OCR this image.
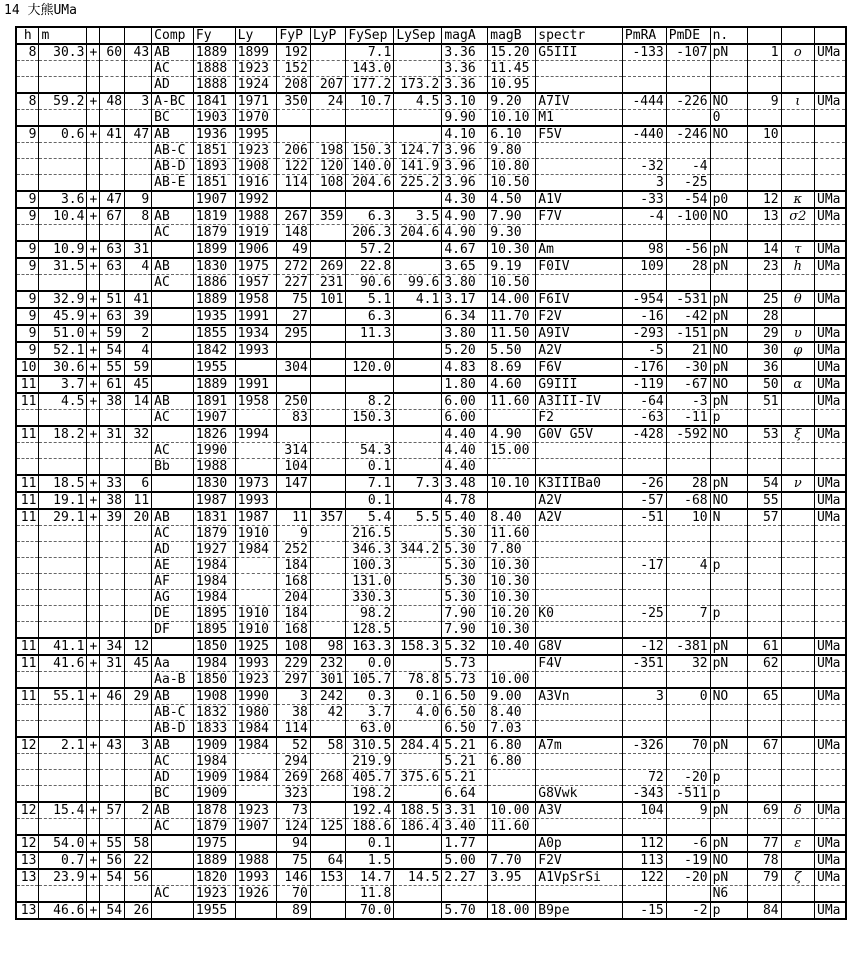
14 大熊UMa
h	m				Comp	Fy	Ly	FyP	LyP	FySep	LySep	magA	magB	spectr	PmRA	PmDE	n.			
8	30.3	+	60	43	AB	1889	1899	192		7.1		3.36	15.20	G5III	-133	-107	pN	1	ο	UMa
					AC	1888	1923	152		143.0		3.36	11.45							
					AD	1888	1924	208	207	177.2	173.2	3.36	10.95							
8	59.2	+	48	3	A-BC	1841	1971	350	24	10.7	4.5	3.10	9.20	A7IV	-444	-226	NO	9	ι	UMa
					BC	1903	1970					9.90	10.10	M1			0			
9	0.6	+	41	47	AB	1936	1995					4.10	6.10	F5V	-440	-246	NO	10		
					AB-C	1851	1923	206	198	150.3	124.7	3.96	9.80							
					AB-D	1893	1908	122	120	140.0	141.9	3.96	10.80		-32	-4				
					AB-E	1851	1916	114	108	204.6	225.2	3.96	10.50		3	-25				
9	3.6	+	47	9		1907	1992					4.30	4.50	A1V	-33	-54	p0	12	κ	UMa
9	10.4	+	67	8	AB	1819	1988	267	359	6.3	3.5	4.90	7.90	F7V	-4	-100	NO	13	σ2	UMa
					AC	1879	1919	148		206.3	204.6	4.90	9.30							
9	10.9	+	63	31		1899	1906	49		57.2		4.67	10.30	Am	98	-56	pN	14	τ	UMa
9	31.5	+	63	4	AB	1830	1975	272	269	22.8		3.65	9.19	F0IV	109	28	pN	23	h	UMa
					AC	1886	1957	227	231	90.6	99.6	3.80	10.50							
9	32.9	+	51	41		1889	1958	75	101	5.1	4.1	3.17	14.00	F6IV	-954	-531	pN	25	θ	UMa
9	45.9	+	63	39		1935	1991	27		6.3		6.34	11.70	F2V	-16	-42	pN	28		
9	51.0	+	59	2		1855	1934	295		11.3		3.80	11.50	A9IV	-293	-151	pN	29	υ	UMa
9	52.1	+	54	4		1842	1993					5.20	5.50	A2V	-5	21	NO	30	φ	UMa
10	30.6	+	55	59		1955		304		120.0		4.83	8.69	F6V	-176	-30	pN	36		UMa
11	3.7	+	61	45		1889	1991					1.80	4.60	G9III	-119	-67	NO	50	α	UMa
11	4.5	+	38	14	AB	1891	1958	250		8.2		6.00	11.60	A3III-IV	-64	-3	pN	51		UMa
					AC	1907		83		150.3		6.00		F2	-63	-11	p			
11	18.2	+	31	32		1826	1994					4.40	4.90	G0V G5V	-428	-592	NO	53	ξ	UMa
					AC	1990		314		54.3		4.40	15.00							
					Bb	1988		104		0.1		4.40								
11	18.5	+	33	6		1830	1973	147		7.1	7.3	3.48	10.10	K3IIIBa0	-26	28	pN	54	ν	UMa
11	19.1	+	38	11		1987	1993			0.1		4.78		A2V	-57	-68	NO	55		UMa
11	29.1	+	39	20	AB	1831	1987	11	357	5.4	5.5	5.40	8.40	A2V	-51	10	N	57		UMa
					AC	1879	1910	9		216.5		5.30	11.60							
					AD	1927	1984	252		346.3	344.2	5.30	7.80							
					AE	1984		184		100.3		5.30	10.30		-17	4	p			
					AF	1984		168		131.0		5.30	10.30							
					AG	1984		204		330.3		5.30	10.30							
					DE	1895	1910	184		98.2		7.90	10.20	K0	-25	7	p			
					DF	1895	1910	168		128.5		7.90	10.30							
11	41.1	+	34	12		1850	1925	108	98	163.3	158.3	5.32	10.40	G8V	-12	-381	pN	61		UMa
11	41.6	+	31	45	Aa	1984	1993	229	232	0.0		5.73		F4V	-351	32	pN	62		UMa
					Aa-B	1850	1923	297	301	105.7	78.8	5.73	10.00							
11	55.1	+	46	29	AB	1908	1990	3	242	0.3	0.1	6.50	9.00	A3Vn	3	0	NO	65		UMa
					AB-C	1832	1980	38	42	3.7	4.0	6.50	8.40							
					AB-D	1833	1984	114		63.0		6.50	7.03							
12	2.1	+	43	3	AB	1909	1984	52	58	310.5	284.4	5.21	6.80	A7m	-326	70	pN	67		UMa
					AC	1984		294		219.9		5.21	6.80							
					AD	1909	1984	269	268	405.7	375.6	5.21			72	-20	p			
					BC	1909		323		198.2		6.64		G8Vwk	-343	-511	p			
12	15.4	+	57	2	AB	1878	1923	73		192.4	188.5	3.31	10.00	A3V	104	9	pN	69	δ	UMa
					AC	1879	1907	124	125	188.6	186.4	3.40	11.60							
12	54.0	+	55	58		1975		94		0.1		1.77		A0p	112	-6	pN	77	ε	UMa
13	0.7	+	56	22		1889	1988	75	64	1.5		5.00	7.70	F2V	113	-19	NO	78		UMa
13	23.9	+	54	56		1820	1993	146	153	14.7	14.5	2.27	3.95	A1VpSrSi	122	-20	pN	79	ζ	UMa
					AC	1923	1926	70		11.8							N6			
13	46.6	+	54	26		1955		89		70.0		5.70	18.00	B9pe	-15	-2	p	84		UMa
